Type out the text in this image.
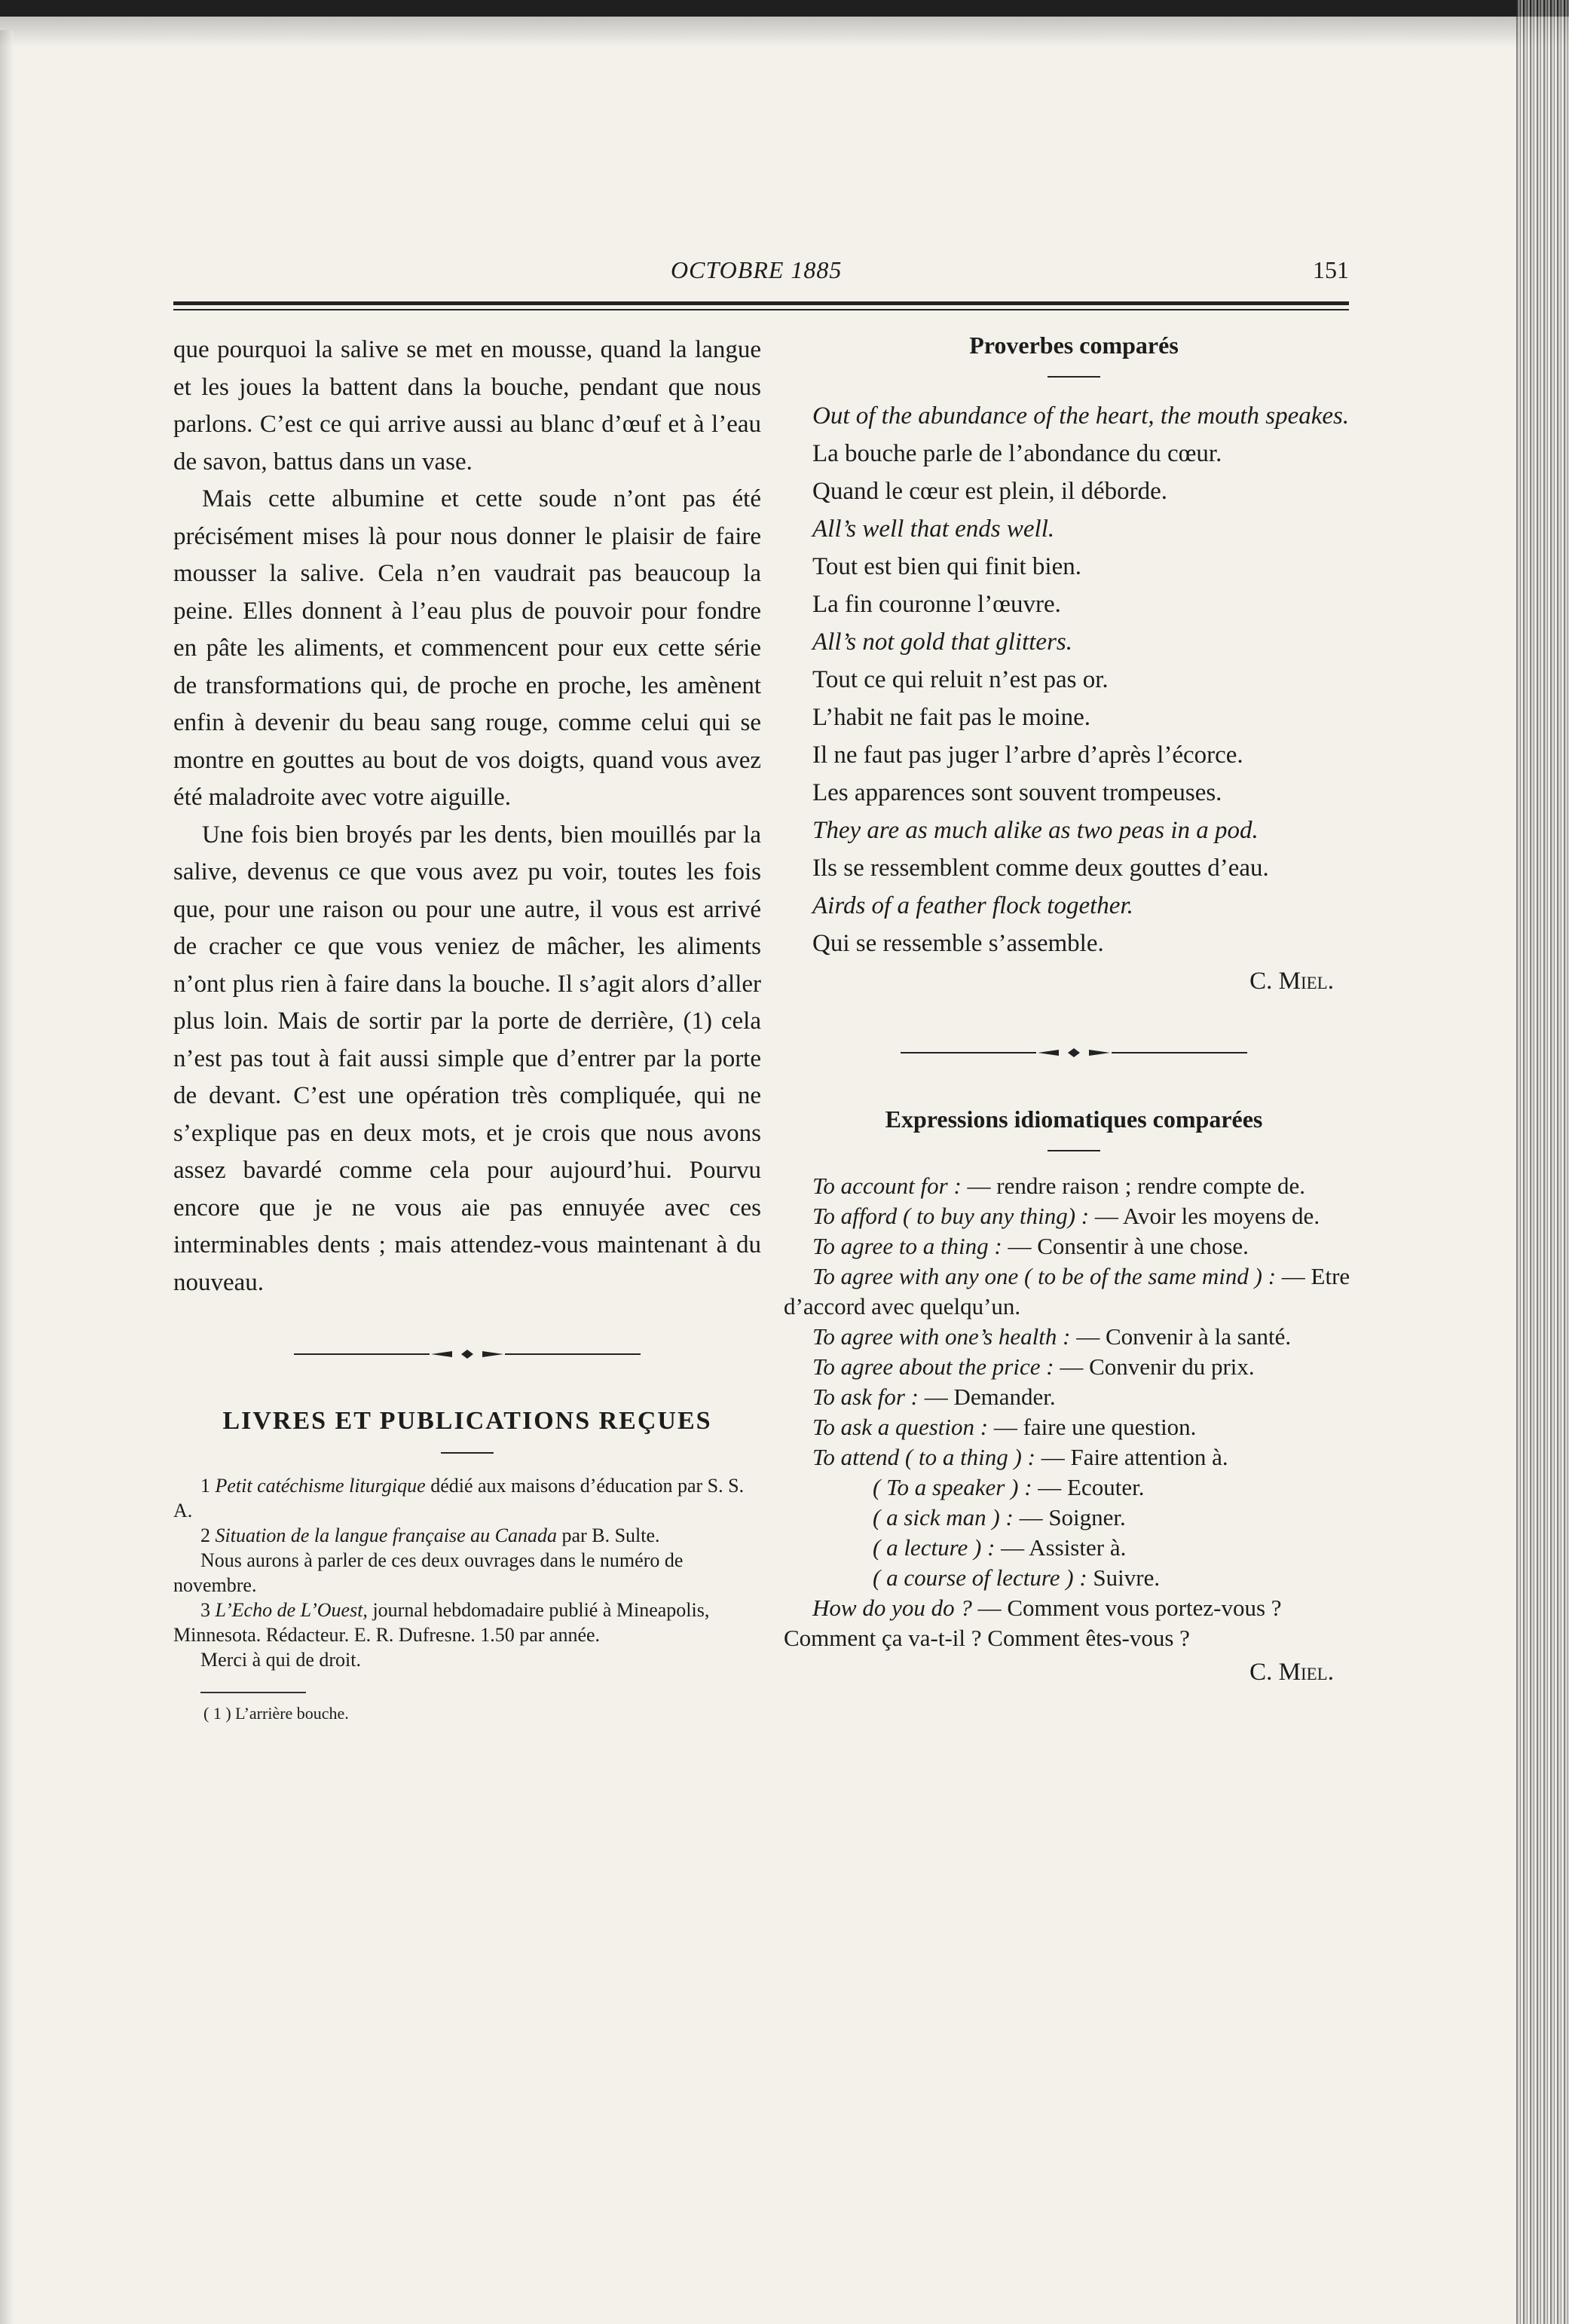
OCTOBRE 1885	151

que pourquoi la salive se met en mousse, quand la langue et les joues la battent dans la bouche, pendant que nous parlons. C’est ce qui arrive aussi au blanc d’œuf et à l’eau de savon, battus dans un vase.

Mais cette albumine et cette soude n’ont pas été précisément mises là pour nous donner le plaisir de faire mousser la salive. Cela n’en vaudrait pas beaucoup la peine. Elles donnent à l’eau plus de pouvoir pour fondre en pâte les aliments, et commencent pour eux cette série de transformations qui, de proche en proche, les amènent enfin à devenir du beau sang rouge, comme celui qui se montre en gouttes au bout de vos doigts, quand vous avez été maladroite avec votre aiguille.

Une fois bien broyés par les dents, bien mouillés par la salive, devenus ce que vous avez pu voir, toutes les fois que, pour une raison ou pour une autre, il vous est arrivé de cracher ce que vous veniez de mâcher, les aliments n’ont plus rien à faire dans la bouche. Il s’agit alors d’aller plus loin. Mais de sortir par la porte de derrière, (1) cela n’est pas tout à fait aussi simple que d’entrer par la porte de devant. C’est une opération très compliquée, qui ne s’explique pas en deux mots, et je crois que nous avons assez bavardé comme cela pour aujourd’hui. Pourvu encore que je ne vous aie pas ennuyée avec ces interminables dents ; mais attendez-vous maintenant à du nouveau.

LIVRES ET PUBLICATIONS REÇUES

1 Petit catéchisme liturgique dédié aux maisons d’éducation par S. S. A.

2 Situation de la langue française au Canada par B. Sulte.

Nous aurons à parler de ces deux ouvrages dans le numéro de novembre.

3 L’Echo de L’Ouest, journal hebdomadaire publié à Mineapolis, Minnesota. Rédacteur. E. R. Dufresne. 1.50 par année.

Merci à qui de droit.

( 1 ) L’arrière bouche.

Proverbes comparés

Out of the abundance of the heart, the mouth speakes.

La bouche parle de l’abondance du cœur.

Quand le cœur est plein, il déborde.

All’s well that ends well.

Tout est bien qui finit bien.

La fin couronne l’œuvre.

All’s not gold that glitters.

Tout ce qui reluit n’est pas or.

L’habit ne fait pas le moine.

Il ne faut pas juger l’arbre d’après l’écorce.

Les apparences sont souvent trompeuses.

They are as much alike as two peas in a pod.

Ils se ressemblent comme deux gouttes d’eau.

Airds of a feather flock together.

Qui se ressemble s’assemble.

C. Miel.

Expressions idiomatiques comparées

To account for : — rendre raison ; rendre compte de.

To afford ( to buy any thing) : — Avoir les moyens de.

To agree to a thing : — Consentir à une chose.

To agree with any one ( to be of the same mind ) : — Etre d’accord avec quelqu’un.

To agree with one’s health : — Convenir à la santé.

To agree about the price : — Convenir du prix.

To ask for : — Demander.

To ask a question : — faire une question.

To attend ( to a thing ) : — Faire attention à.

( To a speaker ) : — Ecouter.

( a sick man ) : — Soigner.

( a lecture ) : — Assister à.

( a course of lecture ) : Suivre.

How do you do ? — Comment vous portez-vous ? Comment ça va-t-il ? Comment êtes-vous ?

C. Miel.
